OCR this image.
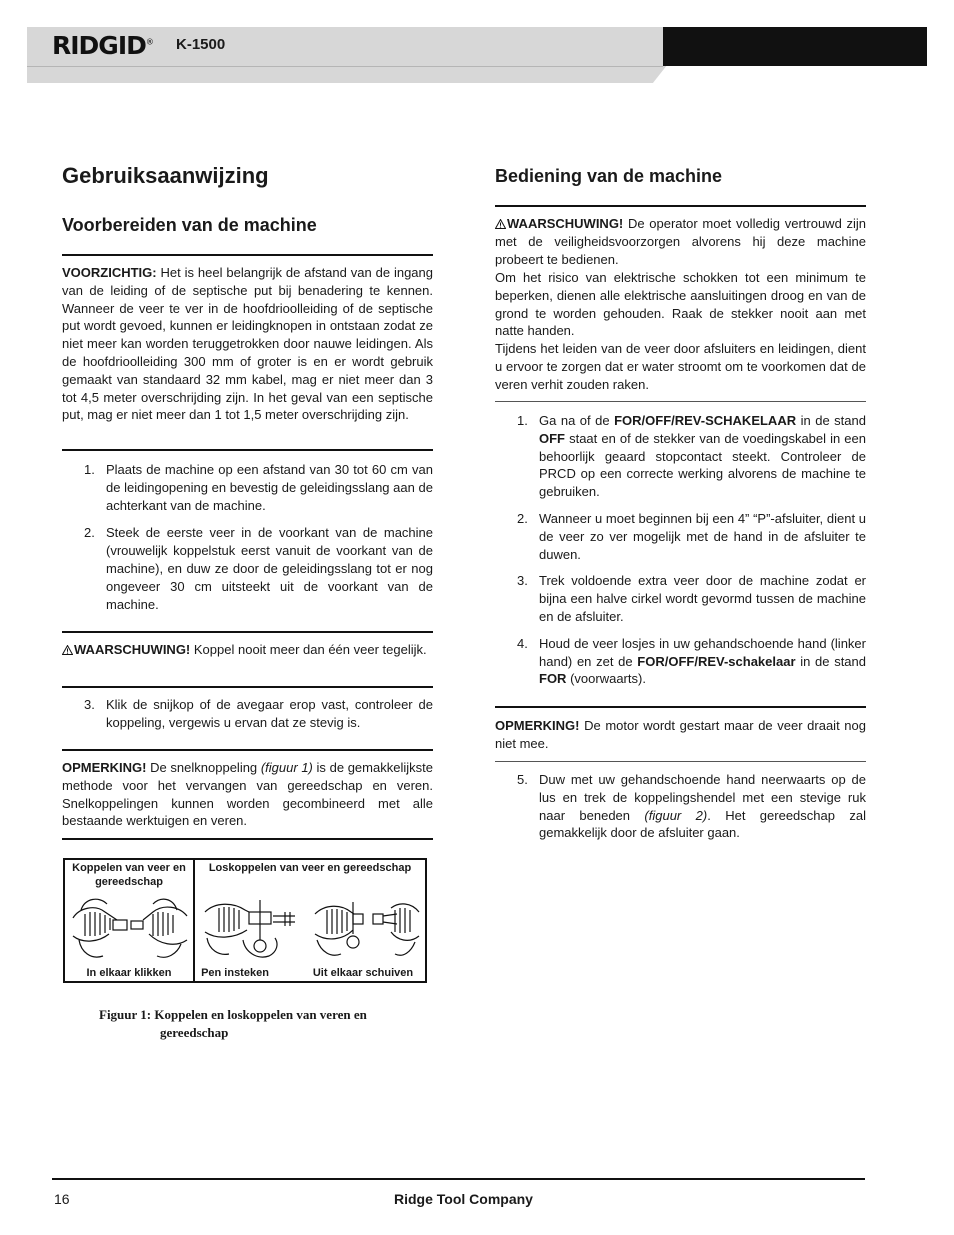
RIDGID® K-1500
Gebruiksaanwijzing
Voorbereiden van de machine
VOORZICHTIG: Het is heel belangrijk de afstand van de ingang van de leiding of de septische put bij benadering te kennen. Wanneer de veer te ver in de hoofdrioolleiding of de septische put wordt gevoed, kunnen er leidingknopen in ontstaan zodat ze niet meer kan worden teruggetrokken door nauwe leidingen. Als de hoofdrioolleiding 300 mm of groter is en er wordt gebruik gemaakt van standaard 32 mm kabel, mag er niet meer dan 3 tot 4,5 meter overschrijding zijn. In het geval van een septische put, mag er niet meer dan 1 tot 1,5 meter overschrijding zijn.
1. Plaats de machine op een afstand van 30 tot 60 cm van de leidingopening en bevestig de geleidingsslang aan de achterkant van de machine.
2. Steek de eerste veer in de voorkant van de machine (vrouwelijk koppelstuk eerst vanuit de voorkant van de machine), en duw ze door de geleidingsslang tot er nog ongeveer 30 cm uitsteekt uit de voorkant van de machine.
WAARSCHUWING! Koppel nooit meer dan één veer tegelijk.
3. Klik de snijkop of de avegaar erop vast, controleer de koppeling, vergewis u ervan dat ze stevig is.
OPMERKING! De snelknoppeling (figuur 1) is de gemakkelijkste methode voor het vervangen van gereedschap en veren. Snelkoppelingen kunnen worden gecombineerd met alle bestaande werktuigen en veren.
Koppelen van veer en gereedschap
Loskoppelen van veer en gereedschap
In elkaar klikken	Pen insteken	Uit elkaar schuiven
Figuur 1: Koppelen en loskoppelen van veren en
gereedschap
Bediening van de machine
WAARSCHUWING! De operator moet volledig vertrouwd zijn met de veiligheidsvoorzorgen alvorens hij deze machine probeert te bedienen.
Om het risico van elektrische schokken tot een minimum te beperken, dienen alle elektrische aansluitingen droog en van de grond te worden gehouden. Raak de stekker nooit aan met natte handen.
Tijdens het leiden van de veer door afsluiters en leidingen, dient u ervoor te zorgen dat er water stroomt om te voorkomen dat de veren verhit zouden raken.
1. Ga na of de FOR/OFF/REV-SCHAKELAAR in de stand OFF staat en of de stekker van de voedingskabel in een behoorlijk geaard stopcontact steekt. Controleer de PRCD op een correcte werking alvorens de machine te gebruiken.
2. Wanneer u moet beginnen bij een 4” “P”-afsluiter, dient u de veer zo ver mogelijk met de hand in de afsluiter te duwen.
3. Trek voldoende extra veer door de machine zodat er bijna een halve cirkel wordt gevormd tussen de machine en de afsluiter.
4. Houd de veer losjes in uw gehandschoende hand (linker hand) en zet de FOR/OFF/REV-schakelaar in de stand FOR (voorwaarts).
OPMERKING! De motor wordt gestart maar de veer draait nog niet mee.
5. Duw met uw gehandschoende hand neerwaarts op de lus en trek de koppelingshendel met een stevige ruk naar beneden (figuur 2). Het gereedschap zal gemakkelijk door de afsluiter gaan.
16	Ridge Tool Company
